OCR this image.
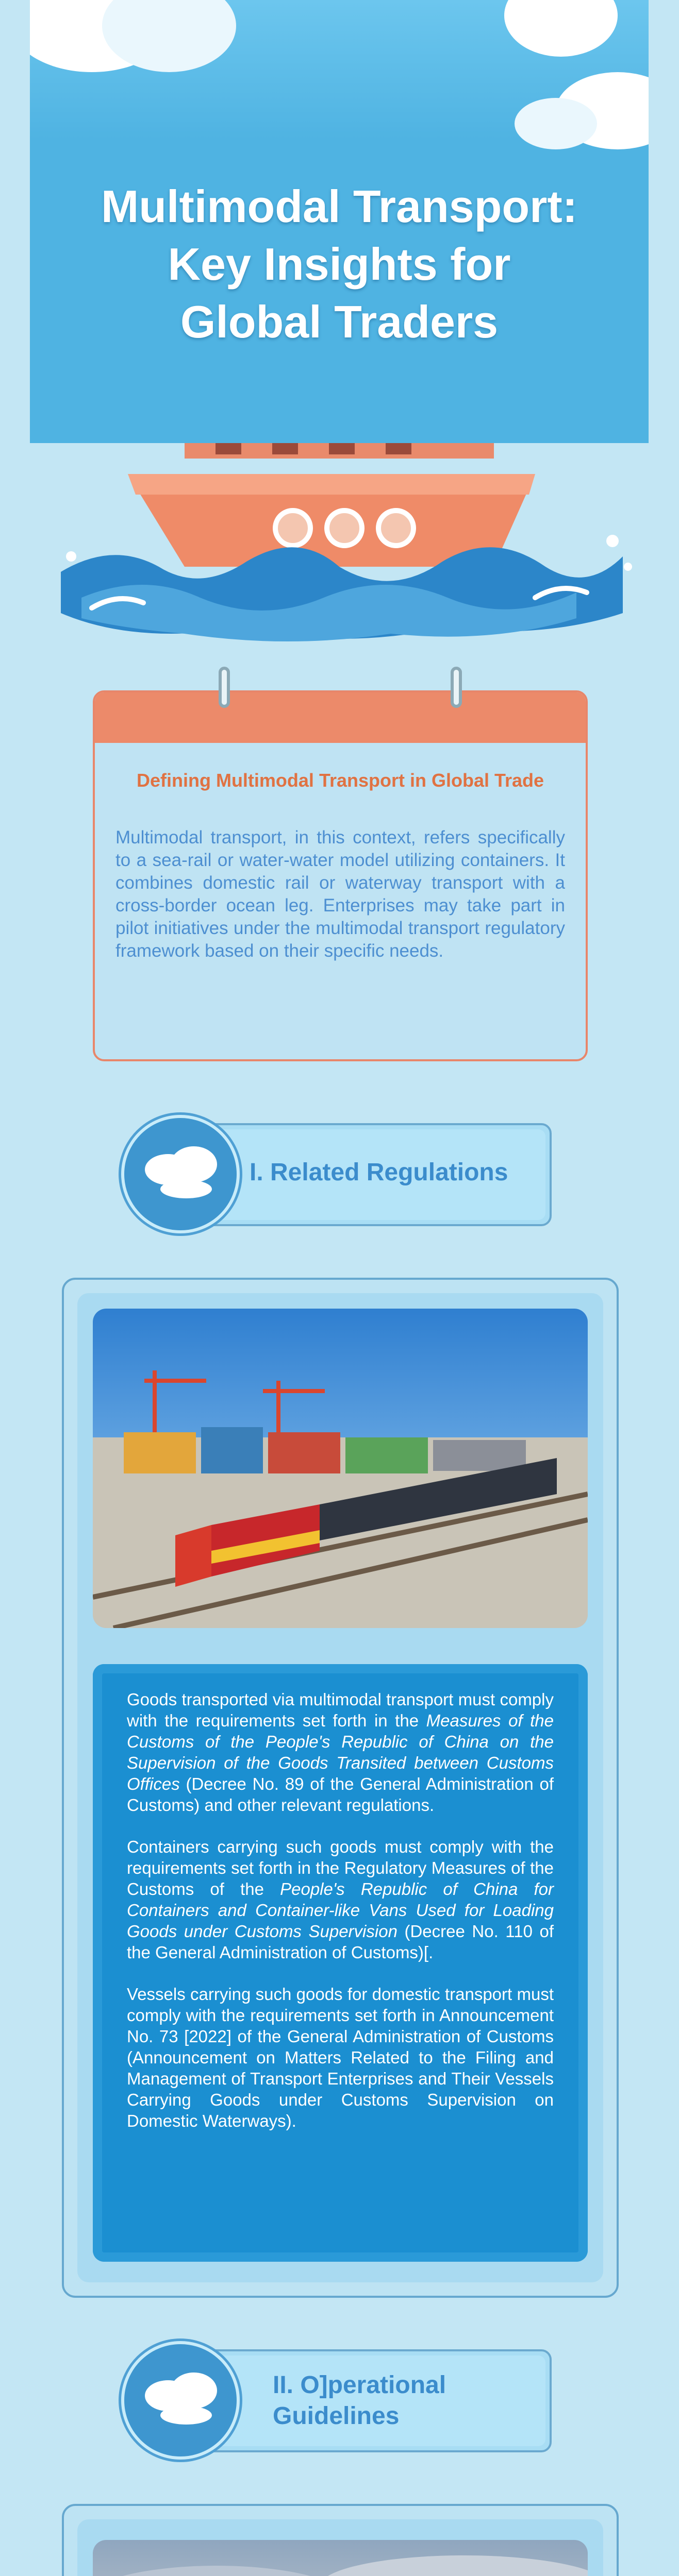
Multimodal Transport:
Key Insights for
Global Traders
Defining Multimodal Transport in Global Trade
Multimodal transport, in this context, refers specifically to a sea-rail or water-water model utilizing containers. It combines domestic rail or waterway transport with a cross-border ocean leg. Enterprises may take part in pilot initiatives under the multimodal transport regulatory framework based on their specific needs.
I. Related Regulations

Goods transported via multimodal transport must comply with the requirements set forth in the Measures of the Customs of the People's Republic of China on the Supervision of the Goods Transited between Customs Offices (Decree No. 89 of the General Administration of Customs) and other relevant regulations.

Containers carrying such goods must comply with the requirements set forth in the Regulatory Measures of the Customs of the People's Republic of China for Containers and Container-like Vans Used for Loading Goods under Customs Supervision (Decree No. 110 of the General Administration of Customs)[.

Vessels carrying such goods for domestic transport must comply with the requirements set forth in Announcement No. 73 [2022] of the General Administration of Customs (Announcement on Matters Related to the Filing and Management of Transport Enterprises and Their Vessels Carrying Goods under Customs Supervision on Domestic Waterways).

II. O]perational
Guidelines
